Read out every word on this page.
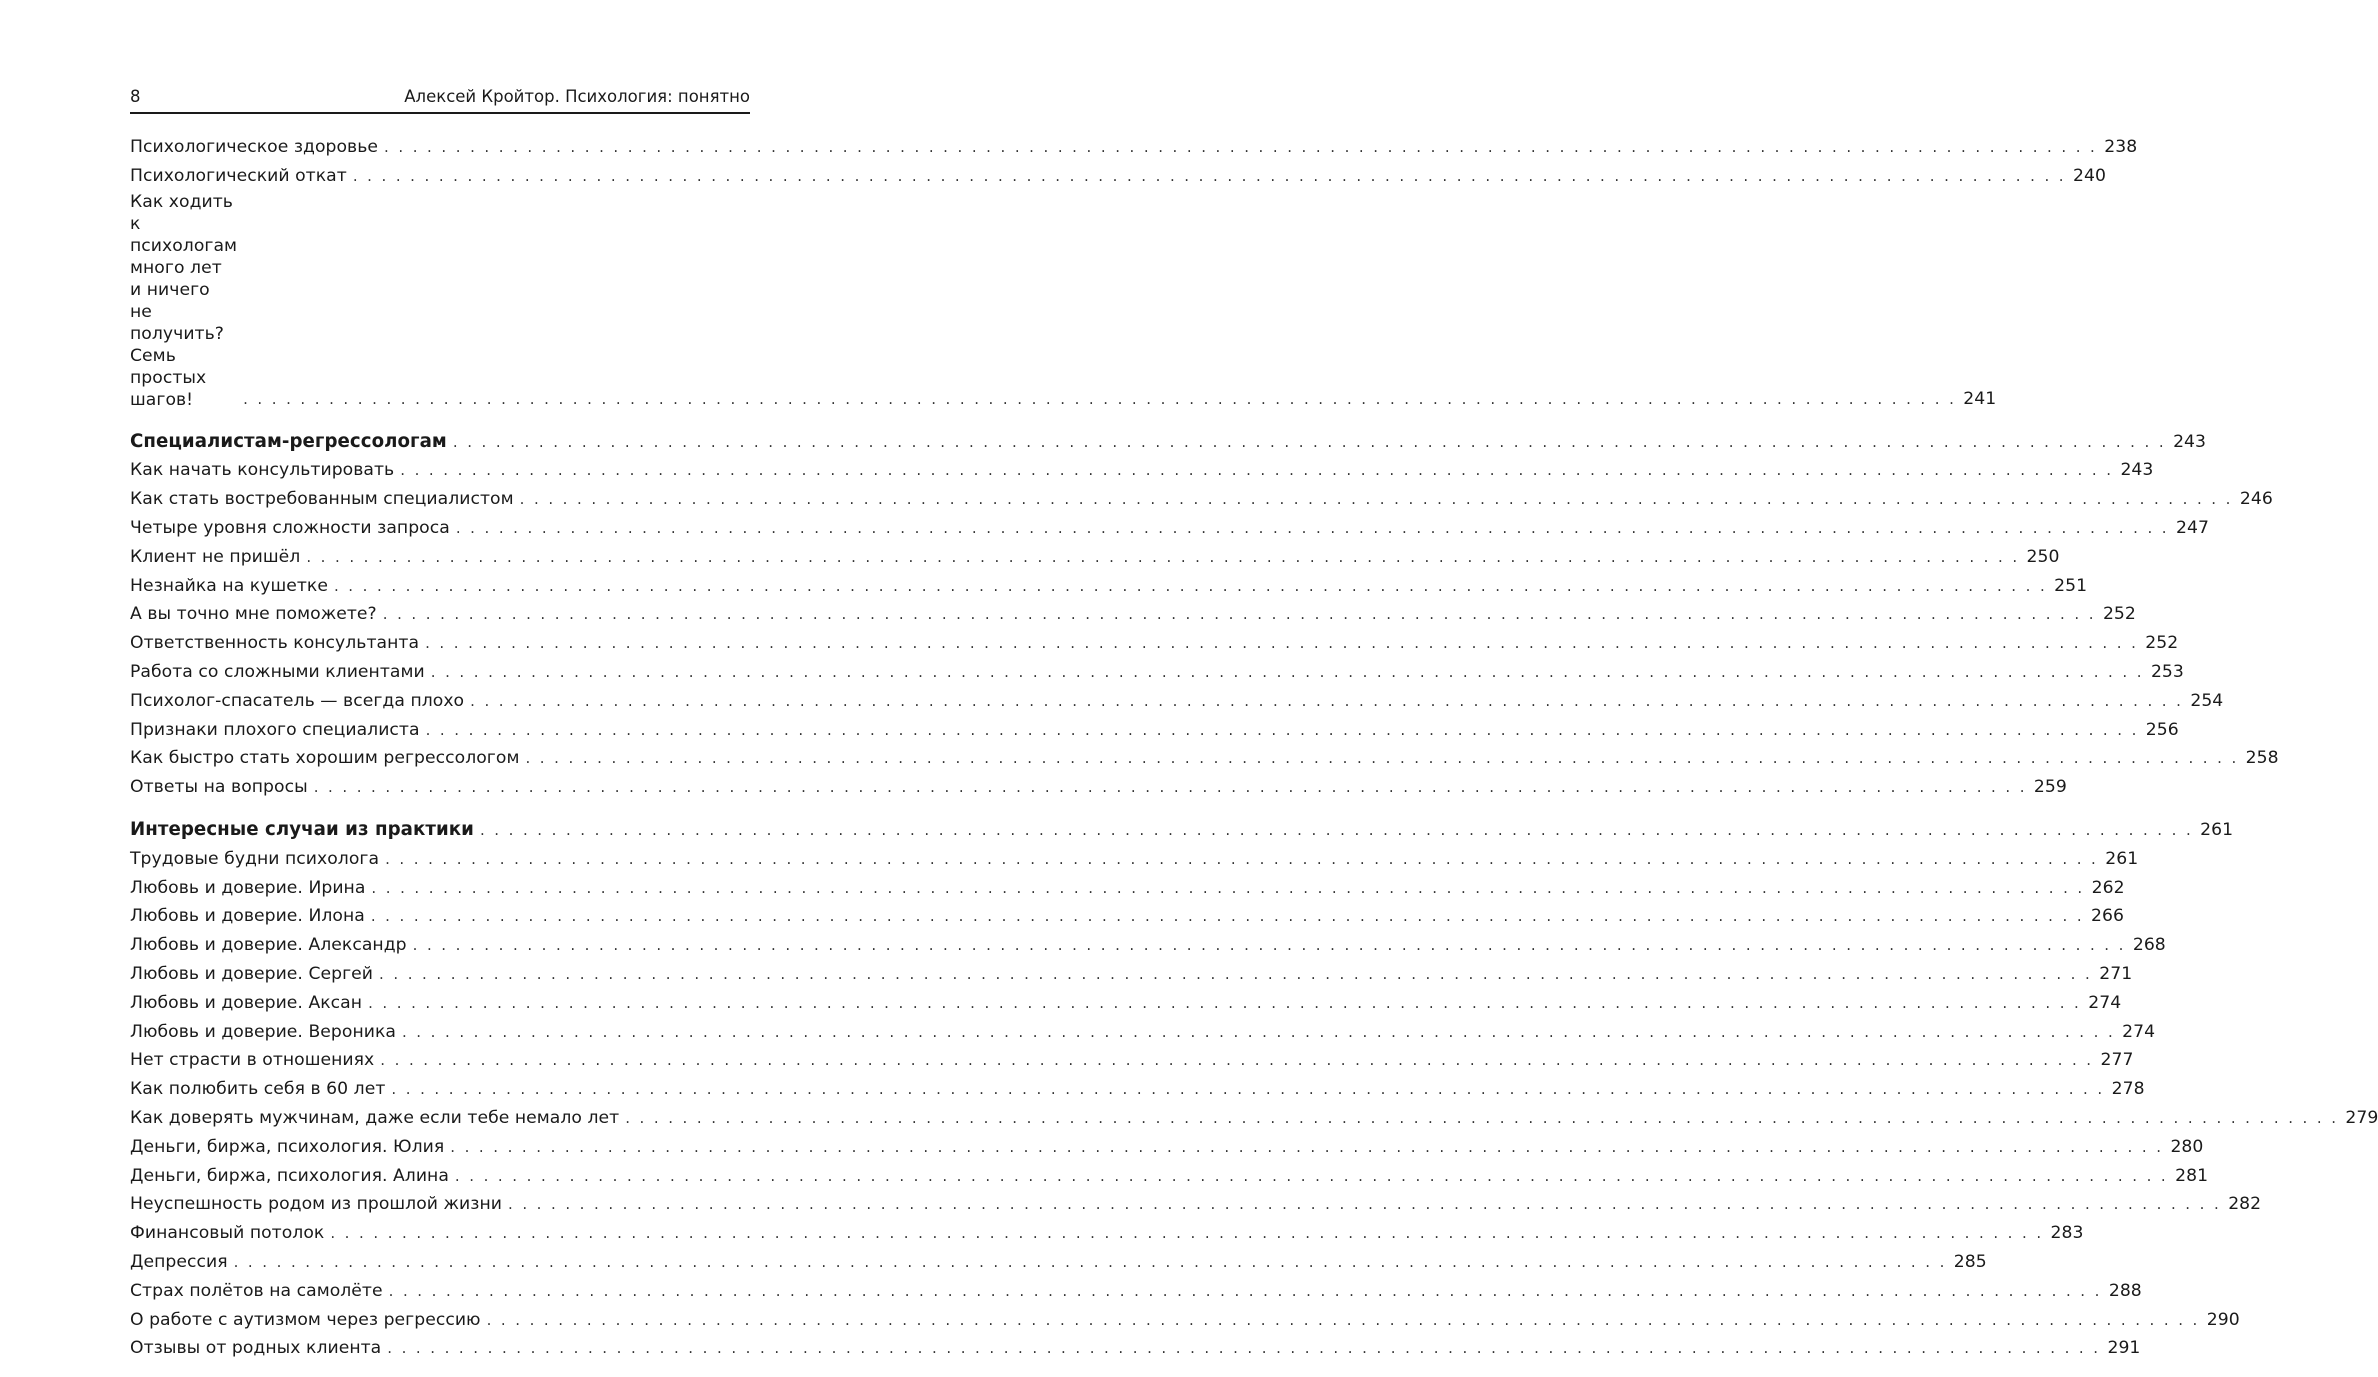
8	Алексей Кройтор. Психология: понятно
Психологическое здоровье . . . . . . . . . . . . . . . . . . . . . . . . . . . . . . . . . . . . . . . . . . . . . . . . . . . . . . . . . . . . . . . . . . . . . . . . . . . . . . . . . . . . . . . . . . . . . . . . . . . . . . . . . . . . . . . . . . . . . . . . 238
Психологический откат . . . . . . . . . . . . . . . . . . . . . . . . . . . . . . . . . . . . . . . . . . . . . . . . . . . . . . . . . . . . . . . . . . . . . . . . . . . . . . . . . . . . . . . . . . . . . . . . . . . . . . . . . . . . . . . . . . . . . . . . 240
Как ходить к психологам много лет и ничего
не получить? Семь простых шагов!	. . . . . . . . . . . . . . . . . . . . . . . . . . . . . . . . . . . . . . . . . . . . . . . . . . . . . . . . . . . . . . . . . . . . . . . . . . . . . . . . . . . . . . . . . . . . . . . . . . . . . . . . . . . . . . . . . . . . . . . . 241
Специалистам-регрессологам . . . . . . . . . . . . . . . . . . . . . . . . . . . . . . . . . . . . . . . . . . . . . . . . . . . . . . . . . . . . . . . . . . . . . . . . . . . . . . . . . . . . . . . . . . . . . . . . . . . . . . . . . . . . . . . . . . . . . . . . 243
Как начать консультировать . . . . . . . . . . . . . . . . . . . . . . . . . . . . . . . . . . . . . . . . . . . . . . . . . . . . . . . . . . . . . . . . . . . . . . . . . . . . . . . . . . . . . . . . . . . . . . . . . . . . . . . . . . . . . . . . . . . . . . . . 243
Как стать востребованным специалистом . . . . . . . . . . . . . . . . . . . . . . . . . . . . . . . . . . . . . . . . . . . . . . . . . . . . . . . . . . . . . . . . . . . . . . . . . . . . . . . . . . . . . . . . . . . . . . . . . . . . . . . . . . . . . . . . . . . . . . . . 246
Четыре уровня сложности запроса . . . . . . . . . . . . . . . . . . . . . . . . . . . . . . . . . . . . . . . . . . . . . . . . . . . . . . . . . . . . . . . . . . . . . . . . . . . . . . . . . . . . . . . . . . . . . . . . . . . . . . . . . . . . . . . . . . . . . . . . 247
Клиент не пришёл . . . . . . . . . . . . . . . . . . . . . . . . . . . . . . . . . . . . . . . . . . . . . . . . . . . . . . . . . . . . . . . . . . . . . . . . . . . . . . . . . . . . . . . . . . . . . . . . . . . . . . . . . . . . . . . . . . . . . . . . 250
Незнайка на кушетке . . . . . . . . . . . . . . . . . . . . . . . . . . . . . . . . . . . . . . . . . . . . . . . . . . . . . . . . . . . . . . . . . . . . . . . . . . . . . . . . . . . . . . . . . . . . . . . . . . . . . . . . . . . . . . . . . . . . . . . . 251
А вы точно мне поможете? . . . . . . . . . . . . . . . . . . . . . . . . . . . . . . . . . . . . . . . . . . . . . . . . . . . . . . . . . . . . . . . . . . . . . . . . . . . . . . . . . . . . . . . . . . . . . . . . . . . . . . . . . . . . . . . . . . . . . . . . 252
Ответственность консультанта . . . . . . . . . . . . . . . . . . . . . . . . . . . . . . . . . . . . . . . . . . . . . . . . . . . . . . . . . . . . . . . . . . . . . . . . . . . . . . . . . . . . . . . . . . . . . . . . . . . . . . . . . . . . . . . . . . . . . . . . 252
Работа со сложными клиентами . . . . . . . . . . . . . . . . . . . . . . . . . . . . . . . . . . . . . . . . . . . . . . . . . . . . . . . . . . . . . . . . . . . . . . . . . . . . . . . . . . . . . . . . . . . . . . . . . . . . . . . . . . . . . . . . . . . . . . . . 253
Психолог-спасатель — всегда плохо . . . . . . . . . . . . . . . . . . . . . . . . . . . . . . . . . . . . . . . . . . . . . . . . . . . . . . . . . . . . . . . . . . . . . . . . . . . . . . . . . . . . . . . . . . . . . . . . . . . . . . . . . . . . . . . . . . . . . . . . 254
Признаки плохого специалиста . . . . . . . . . . . . . . . . . . . . . . . . . . . . . . . . . . . . . . . . . . . . . . . . . . . . . . . . . . . . . . . . . . . . . . . . . . . . . . . . . . . . . . . . . . . . . . . . . . . . . . . . . . . . . . . . . . . . . . . . 256
Как быстро стать хорошим регрессологом . . . . . . . . . . . . . . . . . . . . . . . . . . . . . . . . . . . . . . . . . . . . . . . . . . . . . . . . . . . . . . . . . . . . . . . . . . . . . . . . . . . . . . . . . . . . . . . . . . . . . . . . . . . . . . . . . . . . . . . . 258
Ответы на вопросы . . . . . . . . . . . . . . . . . . . . . . . . . . . . . . . . . . . . . . . . . . . . . . . . . . . . . . . . . . . . . . . . . . . . . . . . . . . . . . . . . . . . . . . . . . . . . . . . . . . . . . . . . . . . . . . . . . . . . . . . 259
Интересные случаи из практики . . . . . . . . . . . . . . . . . . . . . . . . . . . . . . . . . . . . . . . . . . . . . . . . . . . . . . . . . . . . . . . . . . . . . . . . . . . . . . . . . . . . . . . . . . . . . . . . . . . . . . . . . . . . . . . . . . . . . . . . 261
Трудовые будни психолога . . . . . . . . . . . . . . . . . . . . . . . . . . . . . . . . . . . . . . . . . . . . . . . . . . . . . . . . . . . . . . . . . . . . . . . . . . . . . . . . . . . . . . . . . . . . . . . . . . . . . . . . . . . . . . . . . . . . . . . . 261
Любовь и доверие. Ирина . . . . . . . . . . . . . . . . . . . . . . . . . . . . . . . . . . . . . . . . . . . . . . . . . . . . . . . . . . . . . . . . . . . . . . . . . . . . . . . . . . . . . . . . . . . . . . . . . . . . . . . . . . . . . . . . . . . . . . . . 262
Любовь и доверие. Илона . . . . . . . . . . . . . . . . . . . . . . . . . . . . . . . . . . . . . . . . . . . . . . . . . . . . . . . . . . . . . . . . . . . . . . . . . . . . . . . . . . . . . . . . . . . . . . . . . . . . . . . . . . . . . . . . . . . . . . . . 266
Любовь и доверие. Александр . . . . . . . . . . . . . . . . . . . . . . . . . . . . . . . . . . . . . . . . . . . . . . . . . . . . . . . . . . . . . . . . . . . . . . . . . . . . . . . . . . . . . . . . . . . . . . . . . . . . . . . . . . . . . . . . . . . . . . . . 268
Любовь и доверие. Сергей . . . . . . . . . . . . . . . . . . . . . . . . . . . . . . . . . . . . . . . . . . . . . . . . . . . . . . . . . . . . . . . . . . . . . . . . . . . . . . . . . . . . . . . . . . . . . . . . . . . . . . . . . . . . . . . . . . . . . . . . 271
Любовь и доверие. Аксан . . . . . . . . . . . . . . . . . . . . . . . . . . . . . . . . . . . . . . . . . . . . . . . . . . . . . . . . . . . . . . . . . . . . . . . . . . . . . . . . . . . . . . . . . . . . . . . . . . . . . . . . . . . . . . . . . . . . . . . . 274
Любовь и доверие. Вероника . . . . . . . . . . . . . . . . . . . . . . . . . . . . . . . . . . . . . . . . . . . . . . . . . . . . . . . . . . . . . . . . . . . . . . . . . . . . . . . . . . . . . . . . . . . . . . . . . . . . . . . . . . . . . . . . . . . . . . . . 274
Нет страсти в отношениях . . . . . . . . . . . . . . . . . . . . . . . . . . . . . . . . . . . . . . . . . . . . . . . . . . . . . . . . . . . . . . . . . . . . . . . . . . . . . . . . . . . . . . . . . . . . . . . . . . . . . . . . . . . . . . . . . . . . . . . . 277
Как полюбить себя в 60 лет . . . . . . . . . . . . . . . . . . . . . . . . . . . . . . . . . . . . . . . . . . . . . . . . . . . . . . . . . . . . . . . . . . . . . . . . . . . . . . . . . . . . . . . . . . . . . . . . . . . . . . . . . . . . . . . . . . . . . . . . 278
Как доверять мужчинам, даже если тебе немало лет . . . . . . . . . . . . . . . . . . . . . . . . . . . . . . . . . . . . . . . . . . . . . . . . . . . . . . . . . . . . . . . . . . . . . . . . . . . . . . . . . . . . . . . . . . . . . . . . . . . . . . . . . . . . . . . . . . . . . . . . 279
Деньги, биржа, психология. Юлия . . . . . . . . . . . . . . . . . . . . . . . . . . . . . . . . . . . . . . . . . . . . . . . . . . . . . . . . . . . . . . . . . . . . . . . . . . . . . . . . . . . . . . . . . . . . . . . . . . . . . . . . . . . . . . . . . . . . . . . . 280
Деньги, биржа, психология. Алина . . . . . . . . . . . . . . . . . . . . . . . . . . . . . . . . . . . . . . . . . . . . . . . . . . . . . . . . . . . . . . . . . . . . . . . . . . . . . . . . . . . . . . . . . . . . . . . . . . . . . . . . . . . . . . . . . . . . . . . . 281
Неуспешность родом из прошлой жизни . . . . . . . . . . . . . . . . . . . . . . . . . . . . . . . . . . . . . . . . . . . . . . . . . . . . . . . . . . . . . . . . . . . . . . . . . . . . . . . . . . . . . . . . . . . . . . . . . . . . . . . . . . . . . . . . . . . . . . . . 282
Финансовый потолок . . . . . . . . . . . . . . . . . . . . . . . . . . . . . . . . . . . . . . . . . . . . . . . . . . . . . . . . . . . . . . . . . . . . . . . . . . . . . . . . . . . . . . . . . . . . . . . . . . . . . . . . . . . . . . . . . . . . . . . . 283
Депрессия . . . . . . . . . . . . . . . . . . . . . . . . . . . . . . . . . . . . . . . . . . . . . . . . . . . . . . . . . . . . . . . . . . . . . . . . . . . . . . . . . . . . . . . . . . . . . . . . . . . . . . . . . . . . . . . . . . . . . . . . 285
Страх полётов на самолёте . . . . . . . . . . . . . . . . . . . . . . . . . . . . . . . . . . . . . . . . . . . . . . . . . . . . . . . . . . . . . . . . . . . . . . . . . . . . . . . . . . . . . . . . . . . . . . . . . . . . . . . . . . . . . . . . . . . . . . . . 288
О работе с аутизмом через регрессию . . . . . . . . . . . . . . . . . . . . . . . . . . . . . . . . . . . . . . . . . . . . . . . . . . . . . . . . . . . . . . . . . . . . . . . . . . . . . . . . . . . . . . . . . . . . . . . . . . . . . . . . . . . . . . . . . . . . . . . . 290
Отзывы от родных клиента . . . . . . . . . . . . . . . . . . . . . . . . . . . . . . . . . . . . . . . . . . . . . . . . . . . . . . . . . . . . . . . . . . . . . . . . . . . . . . . . . . . . . . . . . . . . . . . . . . . . . . . . . . . . . . . . . . . . . . . . 291
